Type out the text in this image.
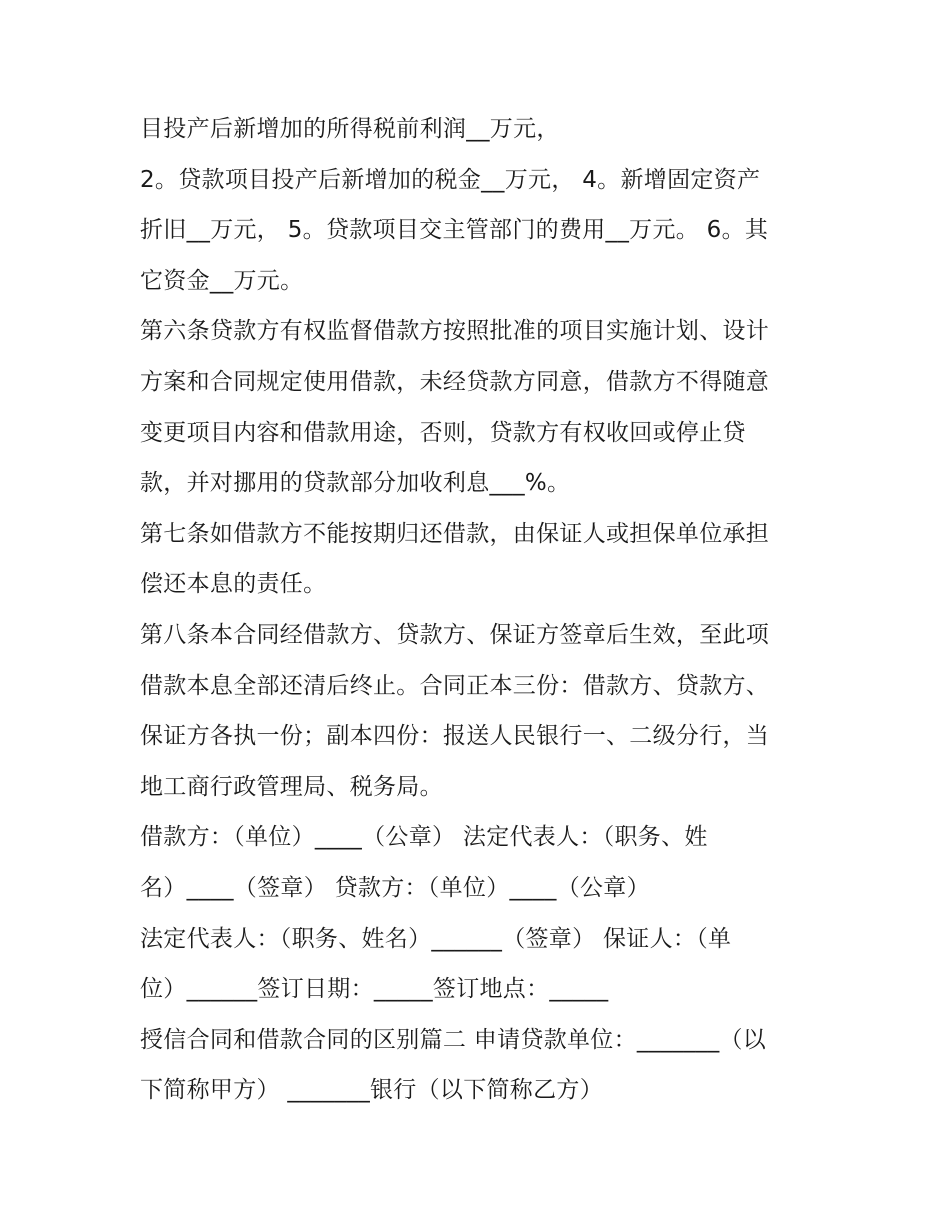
目投产后新增加的所得税前利润__万元，
2。贷款项目投产后新增加的税金__万元， 4。新增固定资产
折旧__万元， 5。贷款项目交主管部门的费用__万元。 6。其
它资金__万元。
第六条贷款方有权监督借款方按照批准的项目实施计划、设计
方案和合同规定使用借款，未经贷款方同意，借款方不得随意
变更项目内容和借款用途，否则，贷款方有权收回或停止贷
款，并对挪用的贷款部分加收利息___%。
第七条如借款方不能按期归还借款，由保证人或担保单位承担
偿还本息的责任。
第八条本合同经借款方、贷款方、保证方签章后生效，至此项
借款本息全部还清后终止。合同正本三份：借款方、贷款方、
保证方各执一份；副本四份：报送人民银行一、二级分行，当
地工商行政管理局、税务局。
借款方：（单位）____（公章） 法定代表人：（职务、姓
名）____（签章） 贷款方：（单位）____（公章）
法定代表人：（职务、姓名）______（签章） 保证人：（单
位）______签订日期：_____签订地点：_____
授信合同和借款合同的区别篇二 申请贷款单位：_______（以
下简称甲方） _______银行（以下简称乙方）
